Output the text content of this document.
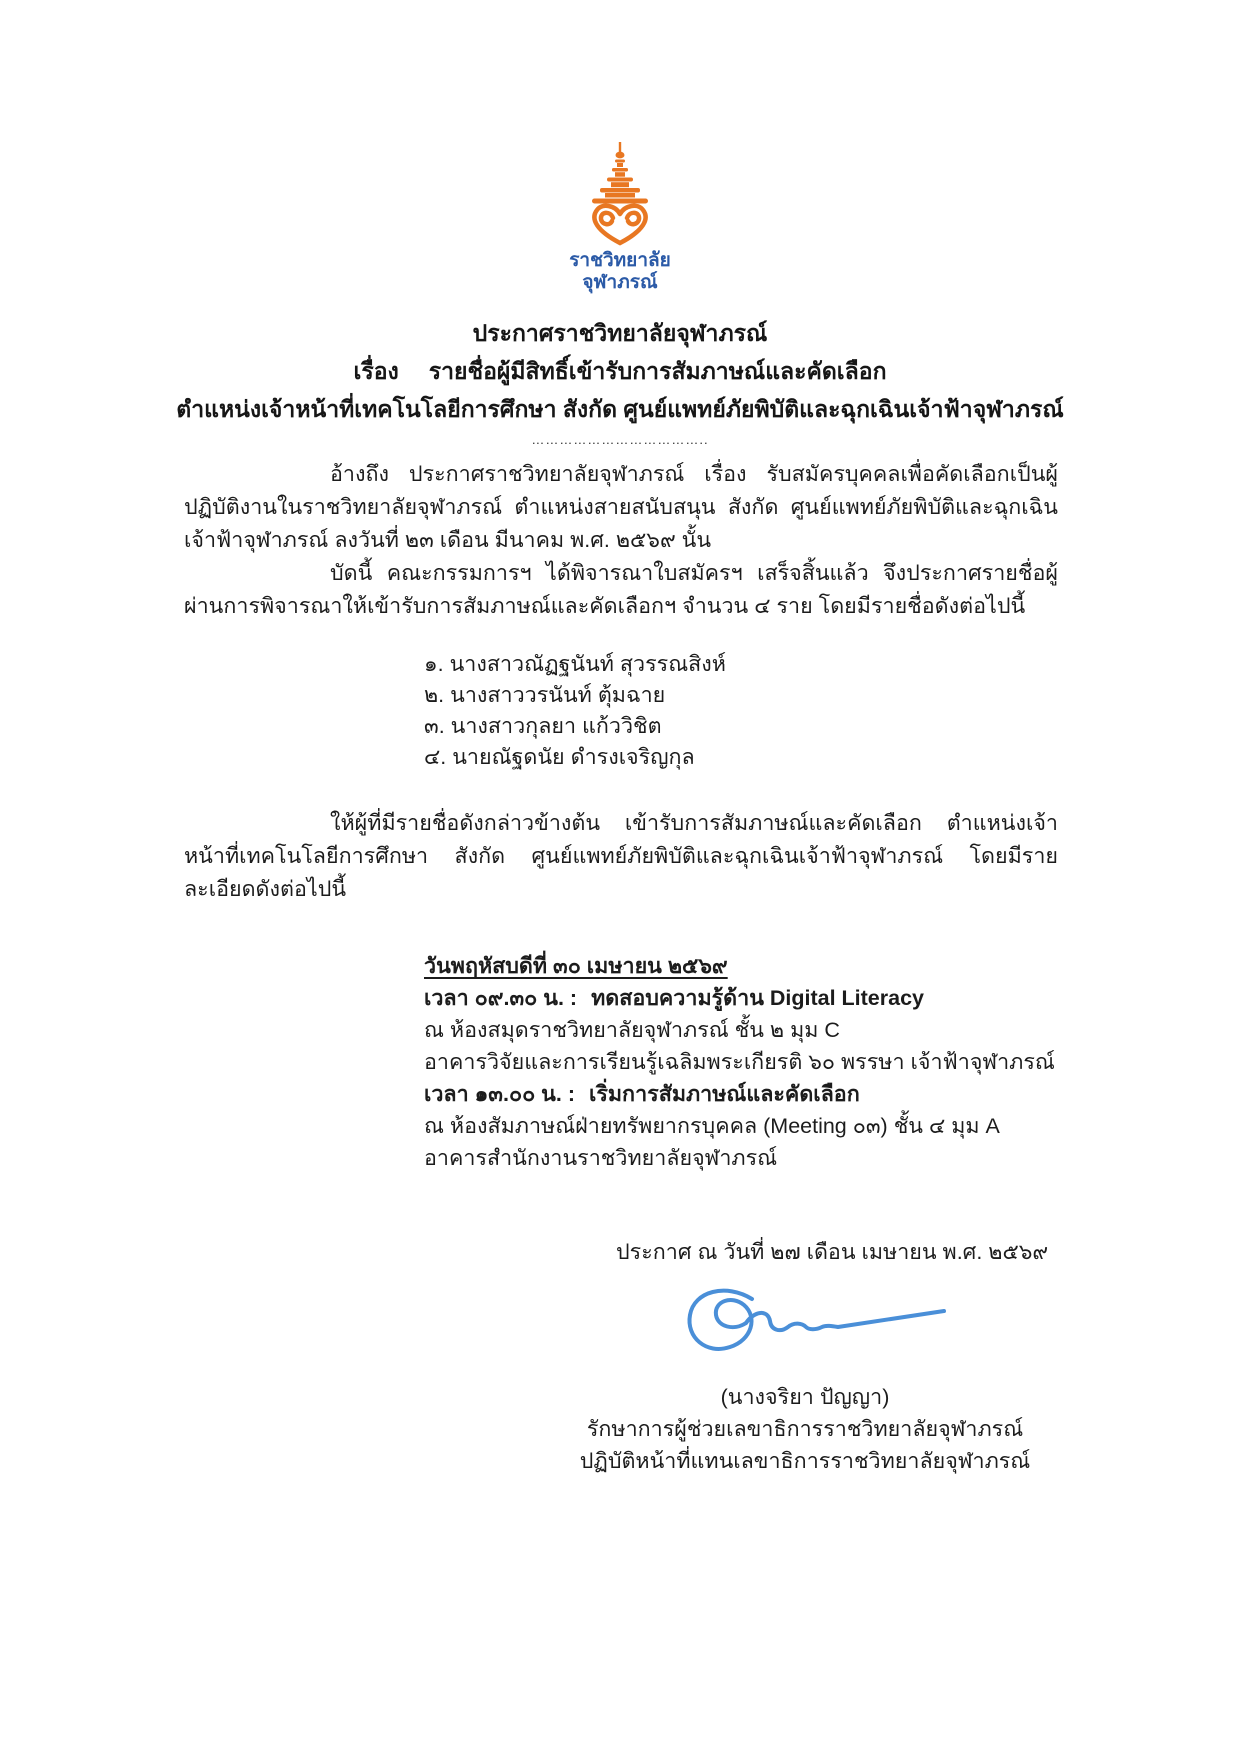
ราชวิทยาลัย
จุฬาภรณ์
ประกาศราชวิทยาลัยจุฬาภรณ์
เรื่อง รายชื่อผู้มีสิทธิ์เข้ารับการสัมภาษณ์และคัดเลือก
ตำแหน่งเจ้าหน้าที่เทคโนโลยีการศึกษา สังกัด ศูนย์แพทย์ภัยพิบัติและฉุกเฉินเจ้าฟ้าจุฬาภรณ์
………………………………..

อ้างถึง ประกาศราชวิทยาลัยจุฬาภรณ์ เรื่อง รับสมัครบุคคลเพื่อคัดเลือกเป็นผู้ปฏิบัติงานในราชวิทยาลัยจุฬาภรณ์ ตำแหน่งสายสนับสนุน สังกัด ศูนย์แพทย์ภัยพิบัติและฉุกเฉินเจ้าฟ้าจุฬาภรณ์ ลงวันที่ ๒๓ เดือน มีนาคม พ.ศ. ๒๕๖๙ นั้น

บัดนี้ คณะกรรมการฯ ได้พิจารณาใบสมัครฯ เสร็จสิ้นแล้ว จึงประกาศรายชื่อผู้ผ่านการพิจารณาให้เข้ารับการสัมภาษณ์และคัดเลือกฯ จำนวน ๔ ราย โดยมีรายชื่อดังต่อไปนี้

๑. นางสาวณัฏฐนันท์ สุวรรณสิงห์
๒. นางสาววรนันท์ ตุ้มฉาย
๓. นางสาวกุลยา แก้ววิชิต
๔. นายณัฐดนัย ดำรงเจริญกุล

ให้ผู้ที่มีรายชื่อดังกล่าวข้างต้น เข้ารับการสัมภาษณ์และคัดเลือก ตำแหน่งเจ้าหน้าที่เทคโนโลยีการศึกษา สังกัด ศูนย์แพทย์ภัยพิบัติและฉุกเฉินเจ้าฟ้าจุฬาภรณ์ โดยมีรายละเอียดดังต่อไปนี้

วันพฤหัสบดีที่ ๓๐ เมษายน ๒๕๖๙
เวลา ๐๙.๓๐ น. : ทดสอบความรู้ด้าน Digital Literacy
ณ ห้องสมุดราชวิทยาลัยจุฬาภรณ์ ชั้น ๒ มุม C
อาคารวิจัยและการเรียนรู้เฉลิมพระเกียรติ ๖๐ พรรษา เจ้าฟ้าจุฬาภรณ์
เวลา ๑๓.๐๐ น. : เริ่มการสัมภาษณ์และคัดเลือก
ณ ห้องสัมภาษณ์ฝ่ายทรัพยากรบุคคล (Meeting ๐๓) ชั้น ๔ มุม A
อาคารสำนักงานราชวิทยาลัยจุฬาภรณ์
ประกาศ ณ วันที่ ๒๗ เดือน เมษายน พ.ศ. ๒๕๖๙
(นางจริยา ปัญญา)
รักษาการผู้ช่วยเลขาธิการราชวิทยาลัยจุฬาภรณ์
ปฏิบัติหน้าที่แทนเลขาธิการราชวิทยาลัยจุฬาภรณ์
